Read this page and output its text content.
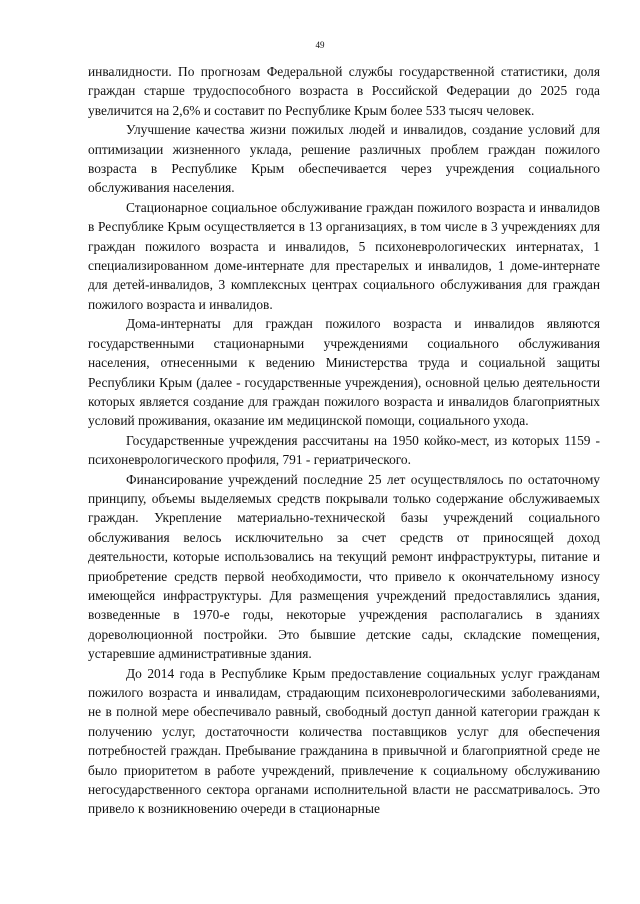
49

инвалидности. По прогнозам Федеральной службы государственной статистики, доля граждан старше трудоспособного возраста в Российской Федерации до 2025 года увеличится на 2,6% и составит по Республике Крым более 533 тысяч человек.

Улучшение качества жизни пожилых людей и инвалидов, создание условий для оптимизации жизненного уклада, решение различных проблем граждан пожилого возраста в Республике Крым обеспечивается через учреждения социального обслуживания населения.

Стационарное социальное обслуживание граждан пожилого возраста и инвалидов в Республике Крым осуществляется в 13 организациях, в том числе в 3 учреждениях для граждан пожилого возраста и инвалидов, 5 психоневрологических интернатах, 1 специализированном доме-интернате для престарелых и инвалидов, 1 доме-интернате для детей-инвалидов, 3 комплексных центрах социального обслуживания для граждан пожилого возраста и инвалидов.

Дома-интернаты для граждан пожилого возраста и инвалидов являются государственными стационарными учреждениями социального обслуживания населения, отнесенными к ведению Министерства труда и социальной защиты Республики Крым (далее - государственные учреждения), основной целью деятельности которых является создание для граждан пожилого возраста и инвалидов благоприятных условий проживания, оказание им медицинской помощи, социального ухода.

Государственные учреждения рассчитаны на 1950 койко-мест, из которых 1159 - психоневрологического профиля, 791 - гериатрического.

Финансирование учреждений последние 25 лет осуществлялось по остаточному принципу, объемы выделяемых средств покрывали только содержание обслуживаемых граждан. Укрепление материально-технической базы учреждений социального обслуживания велось исключительно за счет средств от приносящей доход деятельности, которые использовались на текущий ремонт инфраструктуры, питание и приобретение средств первой необходимости, что привело к окончательному износу имеющейся инфраструктуры. Для размещения учреждений предоставлялись здания, возведенные в 1970-е годы, некоторые учреждения располагались в зданиях дореволюционной постройки. Это бывшие детские сады, складские помещения, устаревшие административные здания.

До 2014 года в Республике Крым предоставление социальных услуг гражданам пожилого возраста и инвалидам, страдающим психоневрологическими заболеваниями, не в полной мере обеспечивало равный, свободный доступ данной категории граждан к получению услуг, достаточности количества поставщиков услуг для обеспечения потребностей граждан. Пребывание гражданина в привычной и благоприятной среде не было приоритетом в работе учреждений, привлечение к социальному обслуживанию негосударственного сектора органами исполнительной власти не рассматривалось. Это привело к возникновению очереди в стационарные
